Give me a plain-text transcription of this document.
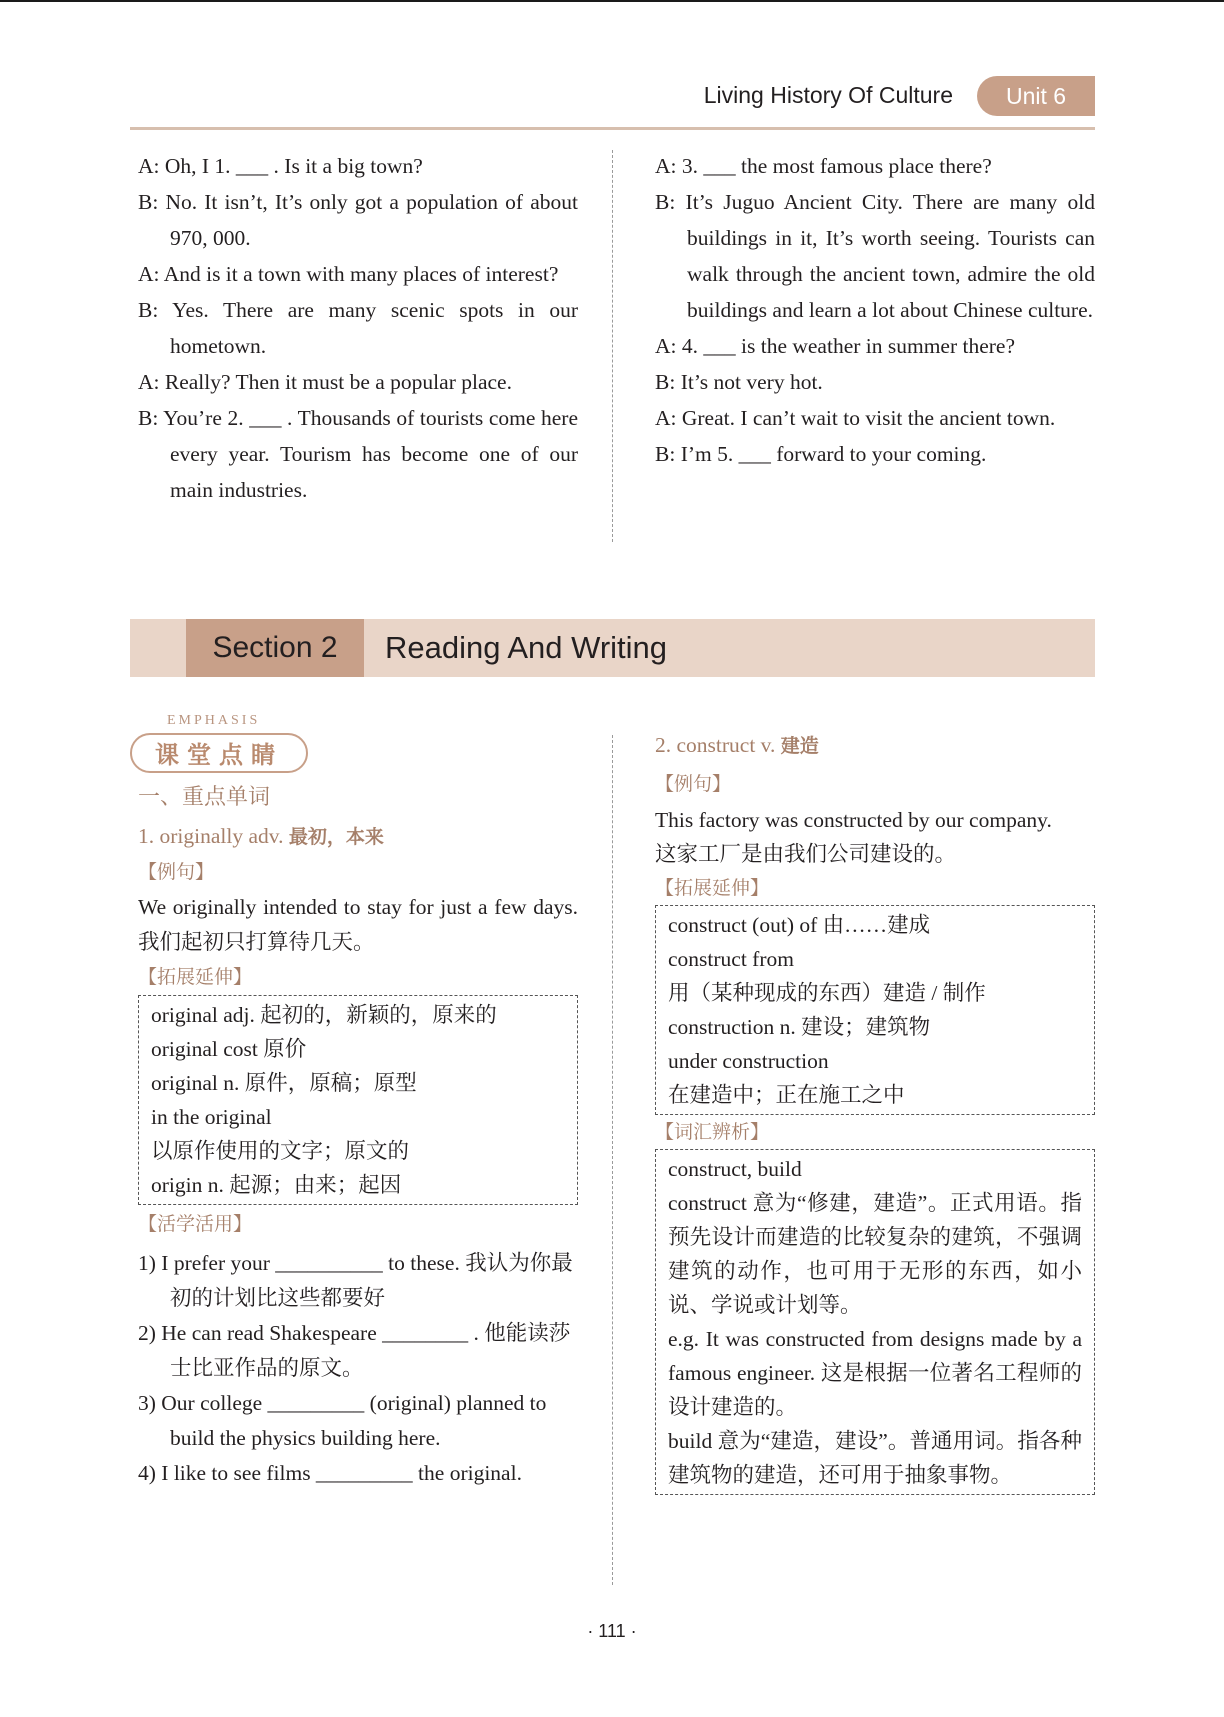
Living History Of Culture	Unit 6

A: Oh, I 1. ___ . Is it a big town?

B: No. It isn’t, It’s only got a population of about 970, 000.

A: And is it a town with many places of interest?

B: Yes. There are many scenic spots in our hometown.

A: Really? Then it must be a popular place.

B: You’re 2. ___ . Thousands of tourists come here every year. Tourism has become one of our main industries.

A: 3. ___ the most famous place there?

B: It’s Juguo Ancient City. There are many old buildings in it, It’s worth seeing. Tourists can walk through the ancient town, admire the old buildings and learn a lot about Chinese culture.

A: 4. ___ is the weather in summer there?

B: It’s not very hot.

A: Great. I can’t wait to visit the ancient town.

B: I’m 5. ___ forward to your coming.

Section 2	Reading And Writing
EMPHASIS
课堂点睛
一、重点单词
1. originally adv. 最初，本来
【例句】

We originally intended to stay for just a few days. 我们起初只打算待几天。

【拓展延伸】
original adj. 起初的，新颖的，原来的
original cost 原价
original n. 原件，原稿；原型
in the original
以原作使用的文字；原文的
origin n. 起源；由来；起因
【活学活用】

1) I prefer your __________ to these. 我认为你最初的计划比这些都要好

2) He can read Shakespeare ________ . 他能读莎士比亚作品的原文。

3) Our college _________ (original) planned to build the physics building here.

4) I like to see films _________ the original.

2. construct v. 建造
【例句】

This factory was constructed by our company.

这家工厂是由我们公司建设的。

【拓展延伸】
construct (out) of 由……建成
construct from
用（某种现成的东西）建造 / 制作
construction n. 建设；建筑物
under construction
在建造中；正在施工之中
【词汇辨析】
construct, build
construct 意为“修建，建造”。正式用语。指预先设计而建造的比较复杂的建筑，不强调建筑的动作，也可用于无形的东西，如小说、学说或计划等。
e.g. It was constructed from designs made by a famous engineer. 这是根据一位著名工程师的设计建造的。
build 意为“建造，建设”。普通用词。指各种建筑物的建造，还可用于抽象事物。
· 111 ·
